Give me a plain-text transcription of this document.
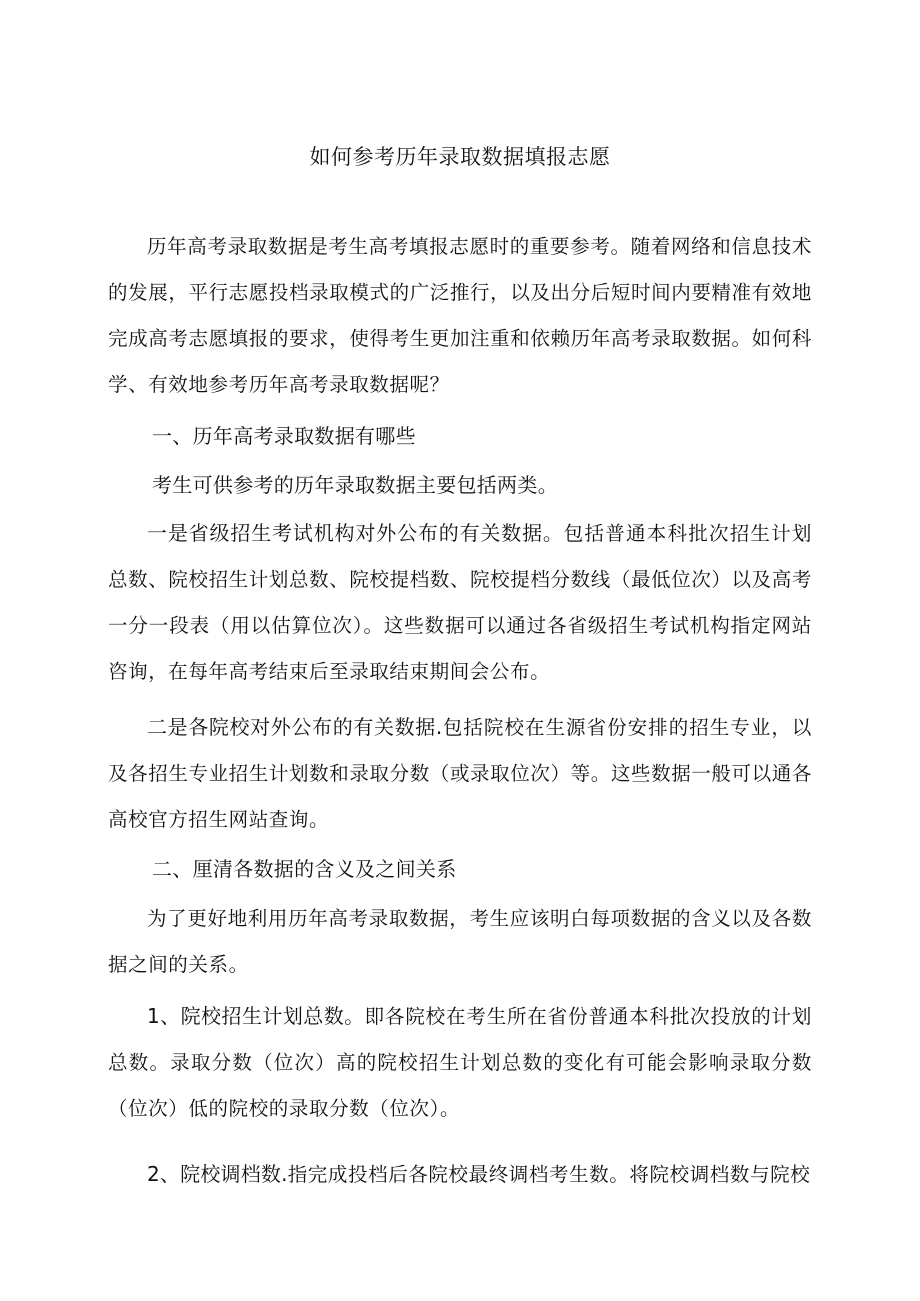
如何参考历年录取数据填报志愿

历年高考录取数据是考生高考填报志愿时的重要参考。随着网络和信息技术的发展，平行志愿投档录取模式的广泛推行，以及出分后短时间内要精准有效地完成高考志愿填报的要求，使得考生更加注重和依赖历年高考录取数据。如何科学、有效地参考历年高考录取数据呢？

一、历年高考录取数据有哪些
考生可供参考的历年录取数据主要包括两类。

一是省级招生考试机构对外公布的有关数据。包括普通本科批次招生计划总数、院校招生计划总数、院校提档数、院校提档分数线（最低位次）以及高考一分一段表（用以估算位次）。这些数据可以通过各省级招生考试机构指定网站咨询，在每年高考结束后至录取结束期间会公布。

二是各院校对外公布的有关数据.包括院校在生源省份安排的招生专业，以及各招生专业招生计划数和录取分数（或录取位次）等。这些数据一般可以通各高校官方招生网站查询。

二、厘清各数据的含义及之间关系

为了更好地利用历年高考录取数据，考生应该明白每项数据的含义以及各数据之间的关系。

1、院校招生计划总数。即各院校在考生所在省份普通本科批次投放的计划总数。录取分数（位次）高的院校招生计划总数的变化有可能会影响录取分数（位次）低的院校的录取分数（位次）。

2、院校调档数.指完成投档后各院校最终调档考生数。将院校调档数与院校
